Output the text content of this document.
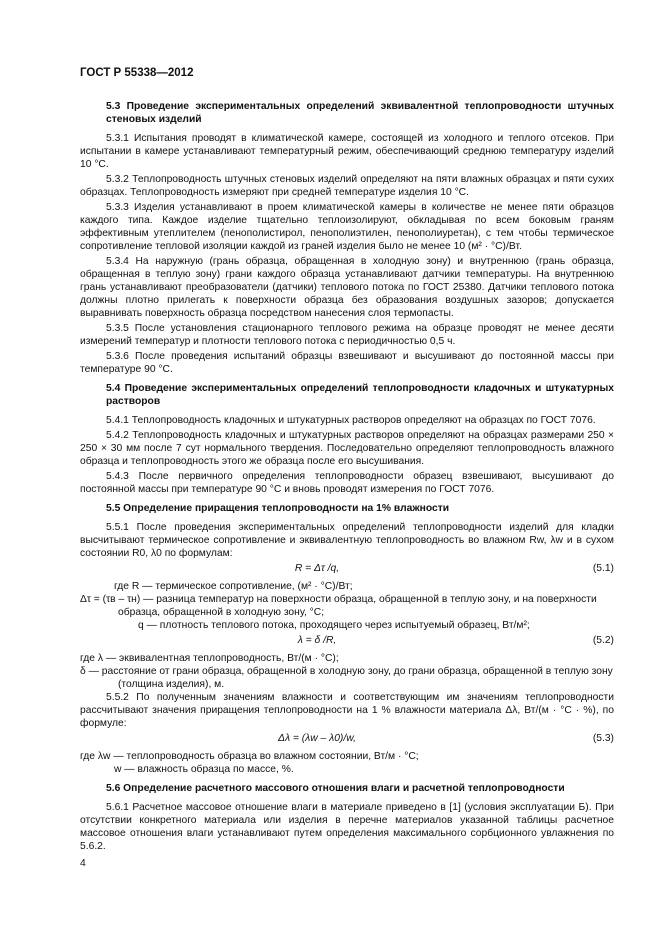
ГОСТ Р 55338—2012
5.3 Проведение экспериментальных определений эквивалентной теплопроводности штучных стеновых изделий

5.3.1 Испытания проводят в климатической камере, состоящей из холодного и теплого отсеков. При испытании в камере устанавливают температурный режим, обеспечивающий среднюю температуру изделий 10 °С.

5.3.2 Теплопроводность штучных стеновых изделий определяют на пяти влажных образцах и пяти сухих образцах. Теплопроводность измеряют при средней температуре изделия 10 °С.

5.3.3 Изделия устанавливают в проем климатической камеры в количестве не менее пяти образцов каждого типа. Каждое изделие тщательно теплоизолируют, обкладывая по всем боковым граням эффективным утеплителем (пенополистирол, пенополиэтилен, пенополиуретан), с тем чтобы термическое сопротивление тепловой изоляции каждой из граней изделия было не менее 10 (м² · °С)/Вт.

5.3.4 На наружную (грань образца, обращенная в холодную зону) и внутреннюю (грань образца, обращенная в теплую зону) грани каждого образца устанавливают датчики температуры. На внутреннюю грань устанавливают преобразователи (датчики) теплового потока по ГОСТ 25380. Датчики теплового потока должны плотно прилегать к поверхности образца без образования воздушных зазоров; допускается выравнивать поверхность образца посредством нанесения слоя термопасты.

5.3.5 После установления стационарного теплового режима на образце проводят не менее десяти измерений температур и плотности теплового потока с периодичностью 0,5 ч.

5.3.6 После проведения испытаний образцы взвешивают и высушивают до постоянной массы при температуре 90 °С.

5.4 Проведение экспериментальных определений теплопроводности кладочных и штукатурных растворов

5.4.1 Теплопроводность кладочных и штукатурных растворов определяют на образцах по ГОСТ 7076.

5.4.2 Теплопроводность кладочных и штукатурных растворов определяют на образцах размерами 250 × 250 × 30 мм после 7 сут нормального твердения. Последовательно определяют теплопроводность влажного образца и теплопроводность этого же образца после его высушивания.

5.4.3 После первичного определения теплопроводности образец взвешивают, высушивают до постоянной массы при температуре 90 °С и вновь проводят измерения по ГОСТ 7076.

5.5 Определение приращения теплопроводности на 1% влажности

5.5.1 После проведения экспериментальных определений теплопроводности изделий для кладки высчитывают термическое сопротивление и эквивалентную теплопроводность во влажном Rw, λw и в сухом состоянии R0, λ0 по формулам:

R = Δτ /q,	(5.1)
где R — термическое сопротивление, (м² · °С)/Вт;
Δτ = (τв – τн) — разница температур на поверхности образца, обращенной в теплую зону, и на поверхности образца, обращенной в холодную зону, °С;
q — плотность теплового потока, проходящего через испытуемый образец, Вт/м²;
λ = δ /R,	(5.2)
где λ — эквивалентная теплопроводность, Вт/(м · °С);
δ — расстояние от грани образца, обращенной в холодную зону, до грани образца, обращенной в теплую зону (толщина изделия), м.

5.5.2 По полученным значениям влажности и соответствующим им значениям теплопроводности рассчитывают значения приращения теплопроводности на 1 % влажности материала Δλ, Вт/(м · °С · %), по формуле:

Δλ = (λw – λ0)/w,	(5.3)
где λw — теплопроводность образца во влажном состоянии, Вт/м · °С;
w — влажность образца по массе, %.
5.6 Определение расчетного массового отношения влаги и расчетной теплопроводности

5.6.1 Расчетное массовое отношение влаги в материале приведено в [1] (условия эксплуатации Б). При отсутствии конкретного материала или изделия в перечне материалов указанной таблицы расчетное массовое отношения влаги устанавливают путем определения максимального сорбционного увлажнения по 5.6.2.

4
